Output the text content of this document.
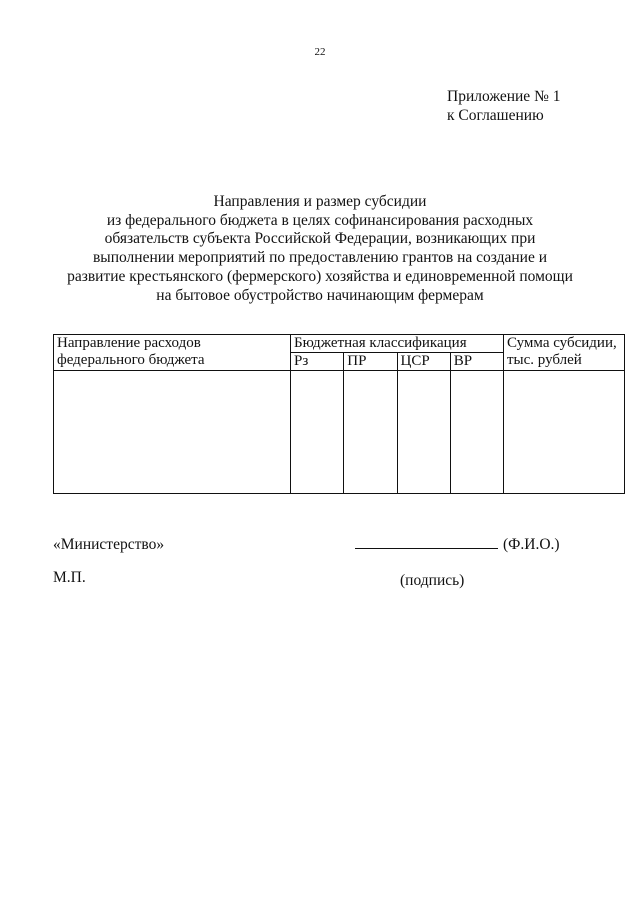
22
Приложение № 1
к Соглашению
Направления и размер субсидии
из федерального бюджета в целях софинансирования расходных
обязательств субъекта Российской Федерации, возникающих при
выполнении мероприятий по предоставлению грантов на создание и
развитие крестьянского (фермерского) хозяйства и единовременной помощи
на бытовое обустройство начинающим фермерам
Направление расходов федерального бюджета	Бюджетная классификация				Сумма субсидии, тыс. рублей
	Рз	ПР	ЦСР	ВР	

«Министерство»	(Ф.И.О.)
М.П.	(подпись)
